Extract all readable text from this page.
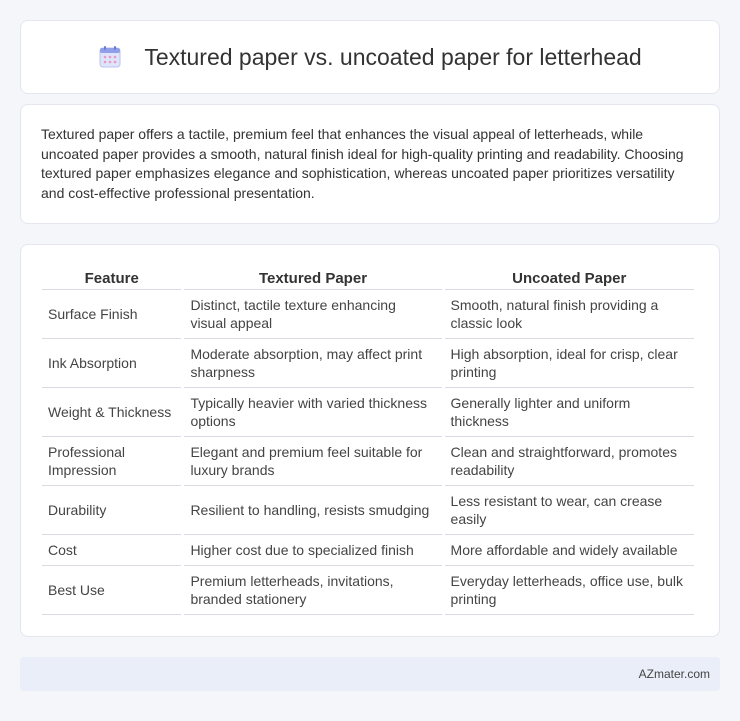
Textured paper vs. uncoated paper for letterhead

Textured paper offers a tactile, premium feel that enhances the visual appeal of letterheads, while uncoated paper provides a smooth, natural finish ideal for high-quality printing and readability. Choosing textured paper emphasizes elegance and sophistication, whereas uncoated paper prioritizes versatility and cost-effective professional presentation.

Feature	Textured Paper	Uncoated Paper
Surface Finish	Distinct, tactile texture enhancing visual appeal	Smooth, natural finish providing a classic look
Ink Absorption	Moderate absorption, may affect print sharpness	High absorption, ideal for crisp, clear printing
Weight & Thickness	Typically heavier with varied thickness options	Generally lighter and uniform thickness
Professional Impression	Elegant and premium feel suitable for luxury brands	Clean and straightforward, promotes readability
Durability	Resilient to handling, resists smudging	Less resistant to wear, can crease easily
Cost	Higher cost due to specialized finish	More affordable and widely available
Best Use	Premium letterheads, invitations, branded stationery	Everyday letterheads, office use, bulk printing
AZmater.com
